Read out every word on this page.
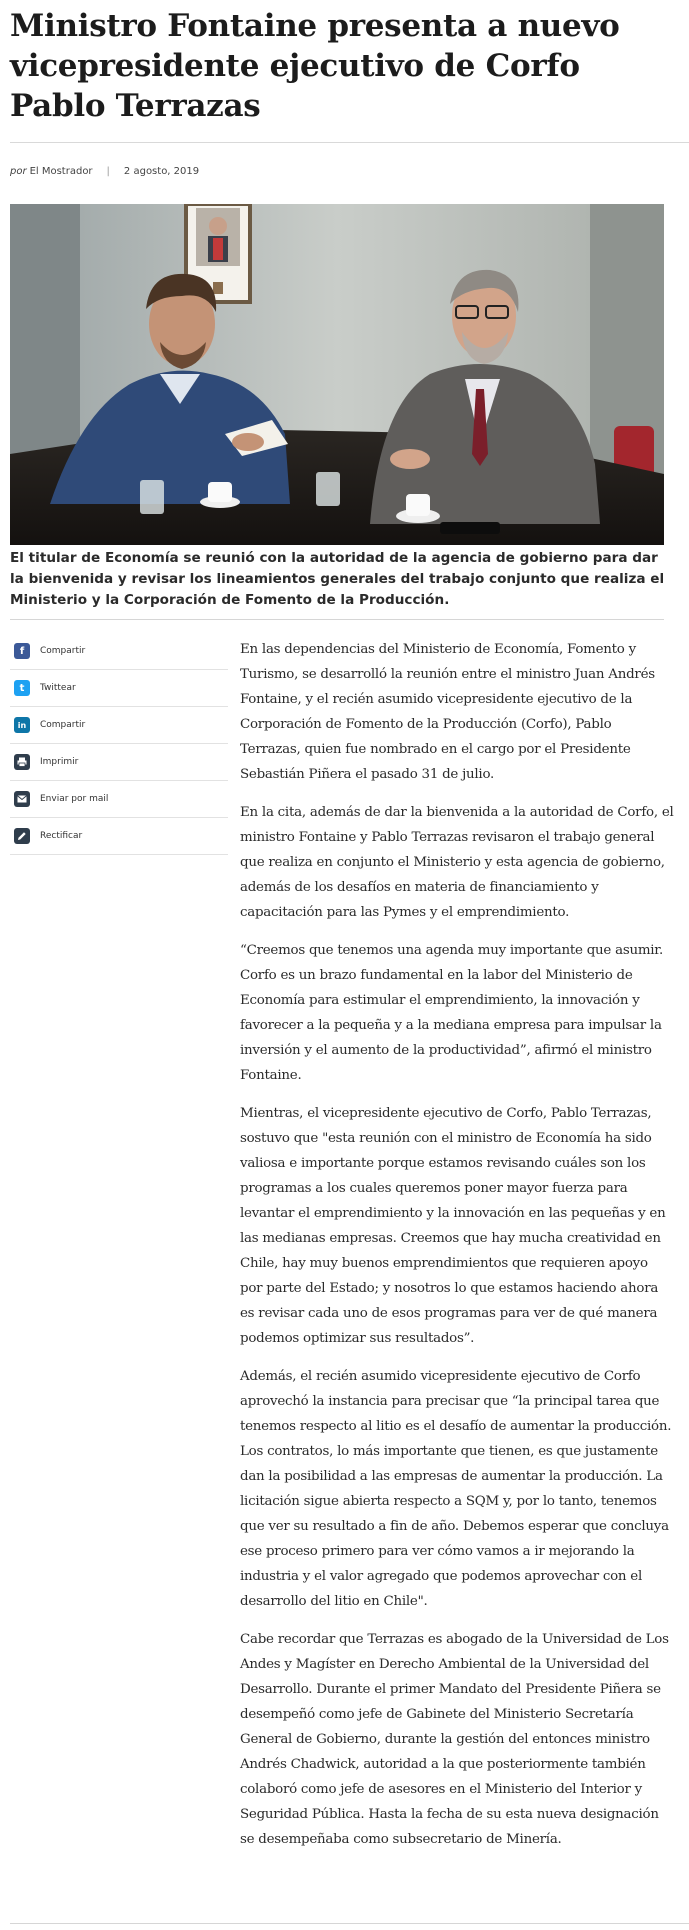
Ministro Fontaine presenta a nuevo vicepresidente ejecutivo de Corfo Pablo Terrazas
por El Mostrador | 2 agosto, 2019

El titular de Economía se reunió con la autoridad de la agencia de gobierno para dar la bienvenida y revisar los lineamientos generales del trabajo conjunto que realiza el Ministerio y la Corporación de Fomento de la Producción.

f	Compartir
t	Twittear
in	Compartir
Imprimir
Enviar por mail
Rectificar

En las dependencias del Ministerio de Economía, Fomento y Turismo, se desarrolló la reunión entre el ministro Juan Andrés Fontaine, y el recién asumido vicepresidente ejecutivo de la Corporación de Fomento de la Producción (Corfo), Pablo Terrazas, quien fue nombrado en el cargo por el Presidente Sebastián Piñera el pasado 31 de julio.

En la cita, además de dar la bienvenida a la autoridad de Corfo, el ministro Fontaine y Pablo Terrazas revisaron el trabajo general que realiza en conjunto el Ministerio y esta agencia de gobierno, además de los desafíos en materia de financiamiento y capacitación para las Pymes y el emprendimiento.

“Creemos que tenemos una agenda muy importante que asumir. Corfo es un brazo fundamental en la labor del Ministerio de Economía para estimular el emprendimiento, la innovación y favorecer a la pequeña y a la mediana empresa para impulsar la inversión y el aumento de la productividad”, afirmó el ministro Fontaine.

Mientras, el vicepresidente ejecutivo de Corfo, Pablo Terrazas, sostuvo que "esta reunión con el ministro de Economía ha sido valiosa e importante porque estamos revisando cuáles son los programas a los cuales queremos poner mayor fuerza para levantar el emprendimiento y la innovación en las pequeñas y en las medianas empresas. Creemos que hay mucha creatividad en Chile, hay muy buenos emprendimientos que requieren apoyo por parte del Estado; y nosotros lo que estamos haciendo ahora es revisar cada uno de esos programas para ver de qué manera podemos optimizar sus resultados”.

Además, el recién asumido vicepresidente ejecutivo de Corfo aprovechó la instancia para precisar que “la principal tarea que tenemos respecto al litio es el desafío de aumentar la producción. Los contratos, lo más importante que tienen, es que justamente dan la posibilidad a las empresas de aumentar la producción. La licitación sigue abierta respecto a SQM y, por lo tanto, tenemos que ver su resultado a fin de año. Debemos esperar que concluya ese proceso primero para ver cómo vamos a ir mejorando la industria y el valor agregado que podemos aprovechar con el desarrollo del litio en Chile".

Cabe recordar que Terrazas es abogado de la Universidad de Los Andes y Magíster en Derecho Ambiental de la Universidad del Desarrollo. Durante el primer Mandato del Presidente Piñera se desempeñó como jefe de Gabinete del Ministerio Secretaría General de Gobierno, durante la gestión del entonces ministro Andrés Chadwick, autoridad a la que posteriormente también colaboró como jefe de asesores en el Ministerio del Interior y Seguridad Pública. Hasta la fecha de su esta nueva designación se desempeñaba como subsecretario de Minería.
